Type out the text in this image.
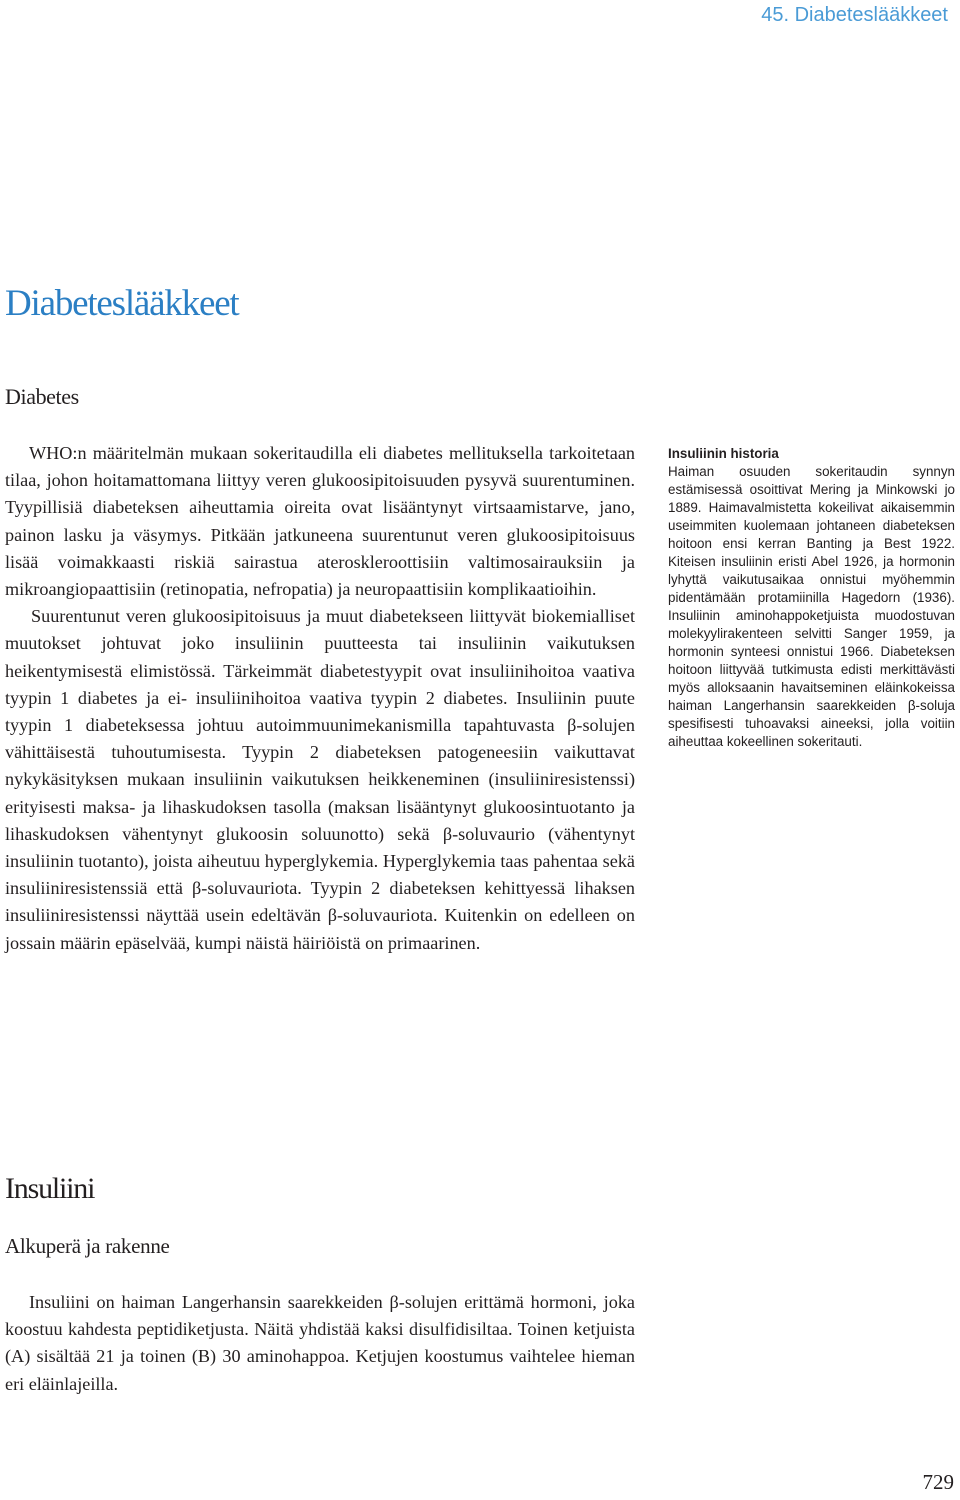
45. Diabeteslääkkeet
Diabeteslääkkeet
Diabetes

WHO:n määritelmän mukaan sokeritaudilla eli diabetes mellituksella tarkoitetaan tilaa, johon hoitamattomana liittyy veren glukoosipitoisuuden pysyvä suurentuminen. Tyypillisiä diabeteksen aiheuttamia oireita ovat lisääntynyt virtsaamistarve, jano, painon lasku ja väsymys. Pitkään jatkuneena suurentunut veren glukoosipitoisuus lisää voimakkaasti riskiä sairastua ateroskleroottisiin valtimosairauksiin ja mikroangiopaattisiin (retinopatia, nefropatia) ja neuropaattisiin komplikaatioihin.

Suurentunut veren glukoosipitoisuus ja muut diabetekseen liittyvät biokemialliset muutokset johtuvat joko insuliinin puutteesta tai insuliinin vaikutuksen heikentymisestä elimistössä. Tärkeimmät diabetestyypit ovat insuliinihoitoa vaativa tyypin 1 diabetes ja ei- insuliinihoitoa vaativa tyypin 2 diabetes. Insuliinin puute tyypin 1 diabeteksessa johtuu autoimmuunimekanismilla tapahtuvasta β-solujen vähittäisestä tuhoutumisesta. Tyypin 2 diabeteksen patogeneesiin vaikuttavat nykykäsityksen mukaan insuliinin vaikutuksen heikkeneminen (insuliiniresistenssi) erityisesti maksa- ja lihaskudoksen tasolla (maksan lisääntynyt glukoosintuotanto ja lihaskudoksen vähentynyt glukoosin soluunotto) sekä β-soluvaurio (vähentynyt insuliinin tuotanto), joista aiheutuu hyperglykemia. Hyperglykemia taas pahentaa sekä insuliiniresistenssiä että β-soluvauriota. Tyypin 2 diabeteksen kehittyessä lihaksen insuliiniresistenssi näyttää usein edeltävän β-soluvauriota. Kuitenkin on edelleen on jossain määrin epäselvää, kumpi näistä häiriöistä on primaarinen.

Insuliinin historia

Haiman osuuden sokeritaudin synnyn estämisessä osoittivat Mering ja Minkowski jo 1889. Haimavalmistetta kokeilivat aikaisemmin useimmiten kuolemaan johtaneen diabeteksen hoitoon ensi kerran Banting ja Best 1922. Kiteisen insuliinin eristi Abel 1926, ja hormonin lyhyttä vaikutusaikaa onnistui myöhemmin pidentämään protamiinilla Hagedorn (1936). Insuliinin aminohappoketjuista muodostuvan molekyylirakenteen selvitti Sanger 1959, ja hormonin synteesi onnistui 1966. Diabeteksen hoitoon liittyvää tutkimusta edisti merkittävästi myös alloksaanin havaitseminen eläinkokeissa haiman Langerhansin saarekkeiden β-soluja spesifisesti tuhoavaksi aineeksi, jolla voitiin aiheuttaa kokeellinen sokeritauti.

Insuliini
Alkuperä ja rakenne

Insuliini on haiman Langerhansin saarekkeiden β-solujen erittämä hormoni, joka koostuu kahdesta peptidiketjusta. Näitä yhdistää kaksi disulfidisiltaa. Toinen ketjuista (A) sisältää 21 ja toinen (B) 30 aminohappoa. Ketjujen koostumus vaihtelee hieman eri eläinlajeilla.

729
